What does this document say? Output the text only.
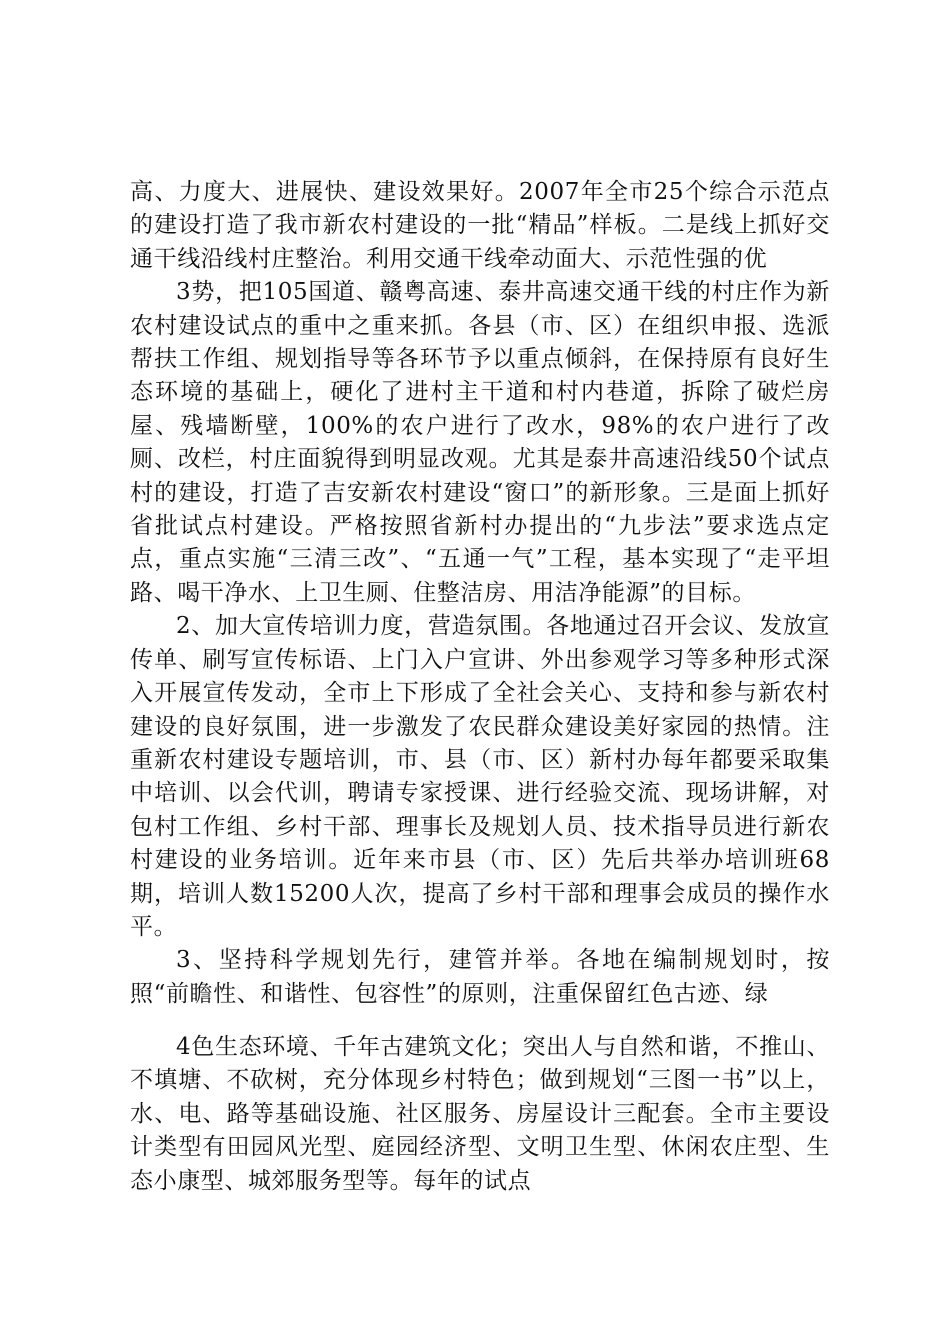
高、力度大、进展快、建设效果好。2007年全市25个综合示范点的建设打造了我市新农村建设的一批“精品”样板。二是线上抓好交通干线沿线村庄整治。利用交通干线牵动面大、示范性强的优

3势，把105国道、赣粤高速、泰井高速交通干线的村庄作为新农村建设试点的重中之重来抓。各县（市、区）在组织申报、选派帮扶工作组、规划指导等各环节予以重点倾斜，在保持原有良好生态环境的基础上，硬化了进村主干道和村内巷道，拆除了破烂房屋、残墙断壁，100%的农户进行了改水，98%的农户进行了改厕、改栏，村庄面貌得到明显改观。尤其是泰井高速沿线50个试点村的建设，打造了吉安新农村建设“窗口”的新形象。三是面上抓好省批试点村建设。严格按照省新村办提出的“九步法”要求选点定点，重点实施“三清三改”、“五通一气”工程，基本实现了“走平坦路、喝干净水、上卫生厕、住整洁房、用洁净能源”的目标。

2、加大宣传培训力度，营造氛围。各地通过召开会议、发放宣传单、刷写宣传标语、上门入户宣讲、外出参观学习等多种形式深入开展宣传发动，全市上下形成了全社会关心、支持和参与新农村建设的良好氛围，进一步激发了农民群众建设美好家园的热情。注重新农村建设专题培训，市、县（市、区）新村办每年都要采取集中培训、以会代训，聘请专家授课、进行经验交流、现场讲解，对包村工作组、乡村干部、理事长及规划人员、技术指导员进行新农村建设的业务培训。近年来市县（市、区）先后共举办培训班68期，培训人数15200人次，提高了乡村干部和理事会成员的操作水平。

3、坚持科学规划先行，建管并举。各地在编制规划时，按照“前瞻性、和谐性、包容性”的原则，注重保留红色古迹、绿

4色生态环境、千年古建筑文化；突出人与自然和谐，不推山、不填塘、不砍树，充分体现乡村特色；做到规划“三图一书”以上，水、电、路等基础设施、社区服务、房屋设计三配套。全市主要设计类型有田园风光型、庭园经济型、文明卫生型、休闲农庄型、生态小康型、城郊服务型等。每年的试点
